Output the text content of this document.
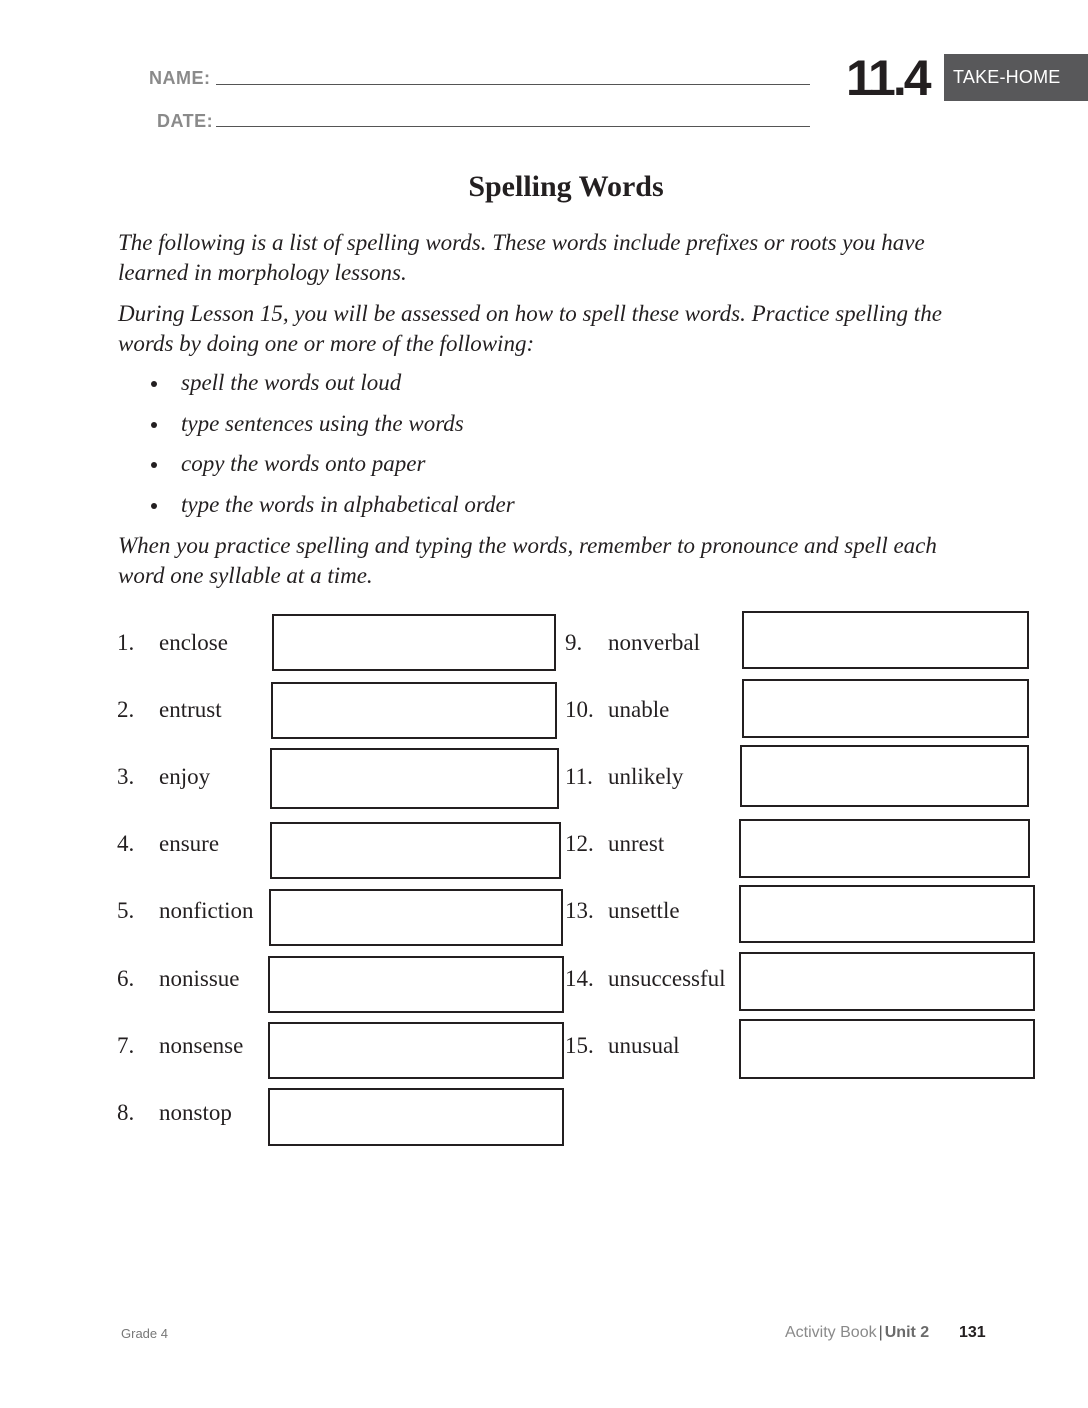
NAME:
DATE:
11.4	TAKE-HOME
Spelling Words
The following is a list of spelling words. These words include prefixes or roots you have learned in morphology lessons.
During Lesson 15, you will be assessed on how to spell these words. Practice spelling the words by doing one or more of the following:
spell the words out loud
type sentences using the words
copy the words onto paper
type the words in alphabetical order
When you practice spelling and typing the words, remember to pronounce and spell each word one syllable at a time.
1. enclose
2. entrust
3. enjoy
4. ensure
5. nonfiction
6. nonissue
7. nonsense
8. nonstop
9. nonverbal
10. unable
11. unlikely
12. unrest
13. unsettle
14. unsuccessful
15. unusual
Grade 4	Activity Book | Unit 2 131
